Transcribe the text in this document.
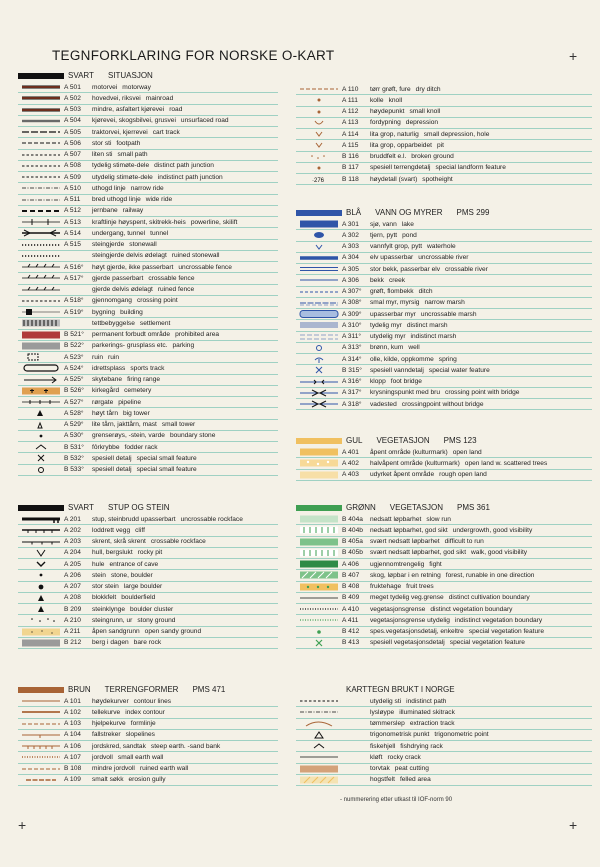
TEGNFORKLARING FOR NORSKE O-KART	+
+	+
SVART SITUASJON
A 501	motorvei motorway
A 502	hovedvei, riksvei mainroad
A 503	mindre, asfaltert kjørevei road
A 504	kjørevei, skogsbilvei, grusvei unsurfaced road
A 505	traktorvei, kjerrevei cart track
A 506	stor sti footpath
A 507	liten sti small path
A 508	tydelig stimøte-dele distinct path junction
A 509	utydelig stimøte-dele indistinct path junction
A 510	uthogd linje narrow ride
A 511	bred uthogd linje wide ride
A 512	jernbane railway
A 513	kraftlinje høyspent, skitrekk-heis powerline, skilift
A 514	undergang, tunnel tunnel
A 515	steingjerde stonewall
steingjerde delvis ødelagt ruined stonewall
A 516°	høyt gjerde, ikke passerbart uncrossable fence
A 517°	gjerde passerbart crossable fence
gjerde delvis ødelagt ruined fence
A 518°	gjennomgang crossing point
A 519°	bygning building
tettbebyggelse settlement
B 521°	permanent forbudt område prohibited area
B 522°	parkerings- grusplass etc. parking
A 523°	ruin ruin
A 524°	idrettsplass sports track
A 525°	skytebane firing range
B 526°	kirkegård cemetery
A 527°	rørgate pipeline
A 528°	høyt tårn big tower
A 529°	lite tårn, jakttårn, mast small tower
A 530°	grenserøys, -stein, varde boundary stone
B 531°	fôrkrybbe fodder rack
B 532°	spesiell detalj special small feature
B 533°	spesiell detalj special small feature
SVART STUP OG STEIN
A 201	stup, steinbrudd upasserbart uncrossable rockface
A 202	loddrett vegg cliff
A 203	skrent, skrå skrent crossable rockface
A 204	hull, bergslukt rocky pit
A 205	hule entrance of cave
A 206	stein stone, boulder
A 207	stor stein large boulder
A 208	blokkfelt boulderfield
B 209	steinklynge boulder cluster
A 210	steingrunn, ur stony ground
A 211	åpen sandgrunn open sandy ground
B 212	berg i dagen bare rock
BRUN TERRENGFORMER PMS 471
A 101	høydekurver contour lines
A 102	tellekurve index contour
A 103	hjelpekurve formlinje
A 104	fallstreker slopelines
A 106	jordskred, sandtak steep earth. -sand bank
A 107	jordvoll small earth wall
B 108	mindre jordvoll ruined earth wall
A 109	smalt søkk erosion gully
A 110	tørr grøft, fure dry ditch
A 111	kolle knoll
A 112	høydepunkt small knoll
A 113	fordypning depression
A 114	lita grop, naturlig small depression, hole
A 115	lita grop, opparbeidet pit
B 116	bruddfelt e.l. broken ground
B 117	spesiell terrengdetalj special landform feature
·276	B 118	høydetall (svart) spotheight
BLÅ VANN OG MYRER PMS 299
A 301	sjø, vann lake
A 302	tjern, pytt pond
A 303	vannfylt grop, pytt waterhole
A 304	elv upasserbar uncrossable river
A 305	stor bekk, passerbar elv crossable river
A 306	bekk creek
A 307°	grøft, flombekk ditch
A 308°	smal myr, myrsig narrow marsh
A 309°	upasserbar myr uncrossable marsh
A 310°	tydelig myr distinct marsh
A 311°	utydelig myr indistinct marsh
A 313°	brønn, kum well
A 314°	olle, kilde, oppkomme spring
B 315°	spesiell vanndetalj special water feature
A 316°	klopp foot bridge
A 317°	krysningspunkt med bru crossing point with bridge
A 318°	vadested crossingpoint without bridge
GUL VEGETASJON PMS 123
A 401	åpent område (kulturmark) open land
A 402	halvåpent område (kulturmark) open land w. scattered trees
A 403	udyrket åpent område rough open land
GRØNN VEGETASJON PMS 361
B 404a	nedsatt løpbarhet slow run
B 404b	nedsatt løpbarhet, god sikt undergrowth, good visibility
B 405a	svært nedsatt løpbarhet difficult to run
B 405b	svært nedsatt løpbarhet, god sikt walk, good visibility
A 406	ugjennomtrengelig fight
B 407	skog, løpbar i en retning forest, runable in one direction
B 408	fruktehage fruit trees
B 409	meget tydelig veg.grense distinct cultivation boundary
A 410	vegetasjonsgrense distinct vegetation boundary
A 411	vegetasjonsgrense utydelig indistinct vegetation boundary
B 412	spes.vegetasjonsdetalj, enkeltre special vegetation feature
B 413	spesiell vegetasjonsdetalj special vegetation feature
KARTTEGN BRUKT I NORGE
utydelig sti indistinct path
lysløype illuminated skitrack
tømmerslep extraction track
trigonometrisk punkt trigonometric point
fiskehjell fishdrying rack
kløft rocky crack
torvtak peat cutting
hogstfelt felled area
- nummerering etter utkast til IOF-norm 90
